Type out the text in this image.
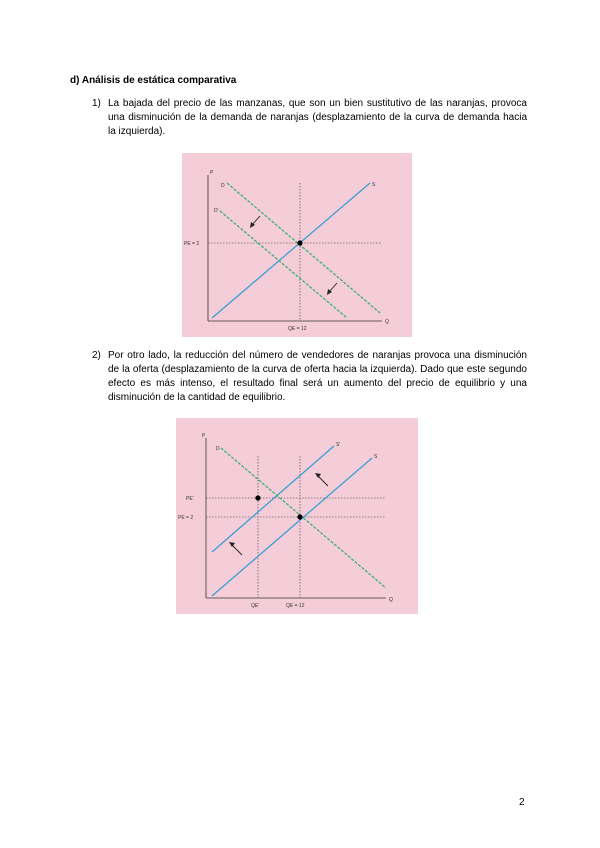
d) Análisis de estática comparativa
1) La bajada del precio de las manzanas, que son un bien sustitutivo de las naranjas, provoca una disminución de la demanda de naranjas (desplazamiento de la curva de demanda hacia la izquierda).
P
Q
D
D'
S
PE = 2
QE = 12
2) Por otro lado, la reducción del número de vendedores de naranjas provoca una disminución de la oferta (desplazamiento de la curva de oferta hacia la izquierda). Dado que este segundo efecto es más intenso, el resultado final será un aumento del precio de equilibrio y una disminución de la cantidad de equilibrio.
P
Q
D
S
S'
PE'
PE = 2
QE'	QE = 12
2
